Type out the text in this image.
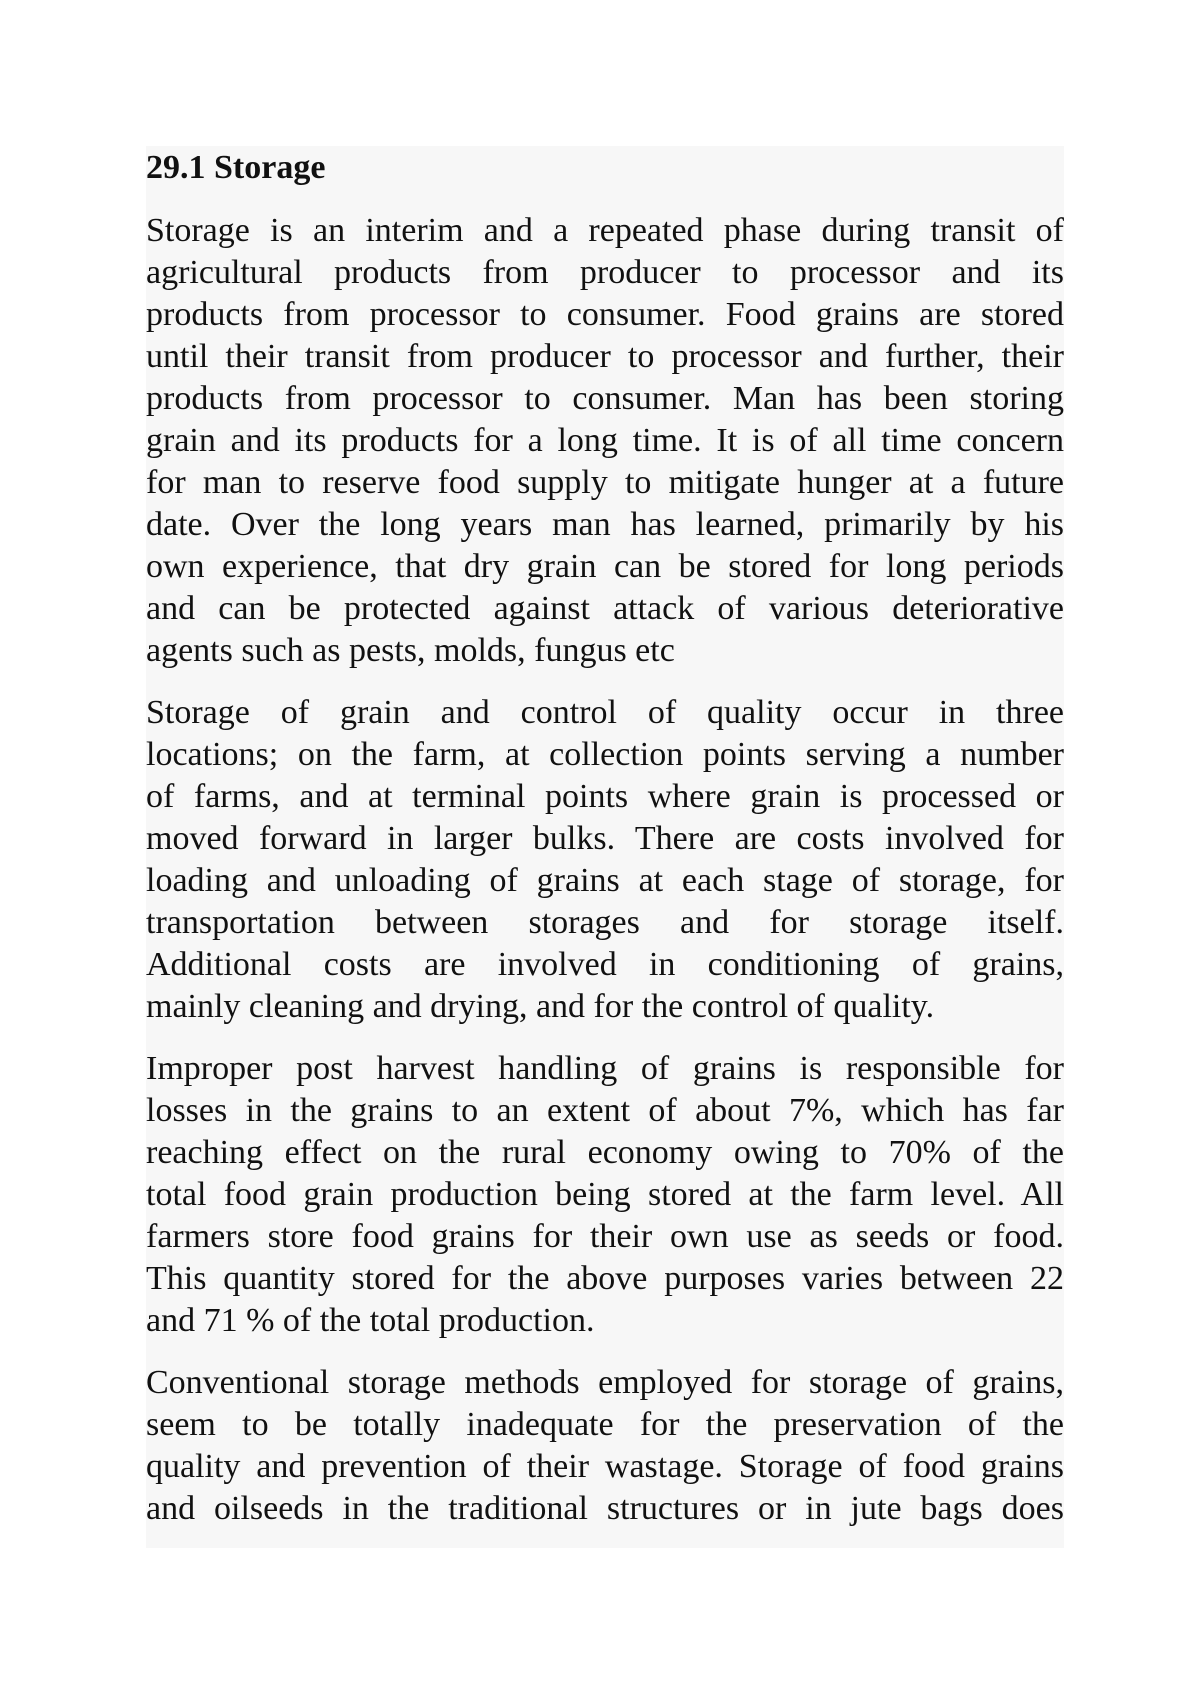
29.1 Storage

Storage is an interim and a repeated phase during transit of
agricultural products from producer to processor and its
products from processor to consumer. Food grains are stored
until their transit from producer to processor and further, their
products from processor to consumer. Man has been storing
grain and its products for a long time. It is of all time concern
for man to reserve food supply to mitigate hunger at a future
date. Over the long years man has learned, primarily by his
own experience, that dry grain can be stored for long periods
and can be protected against attack of various deteriorative
agents such as pests, molds, fungus etc

Storage of grain and control of quality occur in three
locations; on the farm, at collection points serving a number
of farms, and at terminal points where grain is processed or
moved forward in larger bulks. There are costs involved for
loading and unloading of grains at each stage of storage, for
transportation between storages and for storage itself.
Additional costs are involved in conditioning of grains,
mainly cleaning and drying, and for the control of quality.

Improper post harvest handling of grains is responsible for
losses in the grains to an extent of about 7%, which has far
reaching effect on the rural economy owing to 70% of the
total food grain production being stored at the farm level. All
farmers store food grains for their own use as seeds or food.
This quantity stored for the above purposes varies between 22
and 71 % of the total production.

Conventional storage methods employed for storage of grains,
seem to be totally inadequate for the preservation of the
quality and prevention of their wastage. Storage of food grains
and oilseeds in the traditional structures or in jute bags does
